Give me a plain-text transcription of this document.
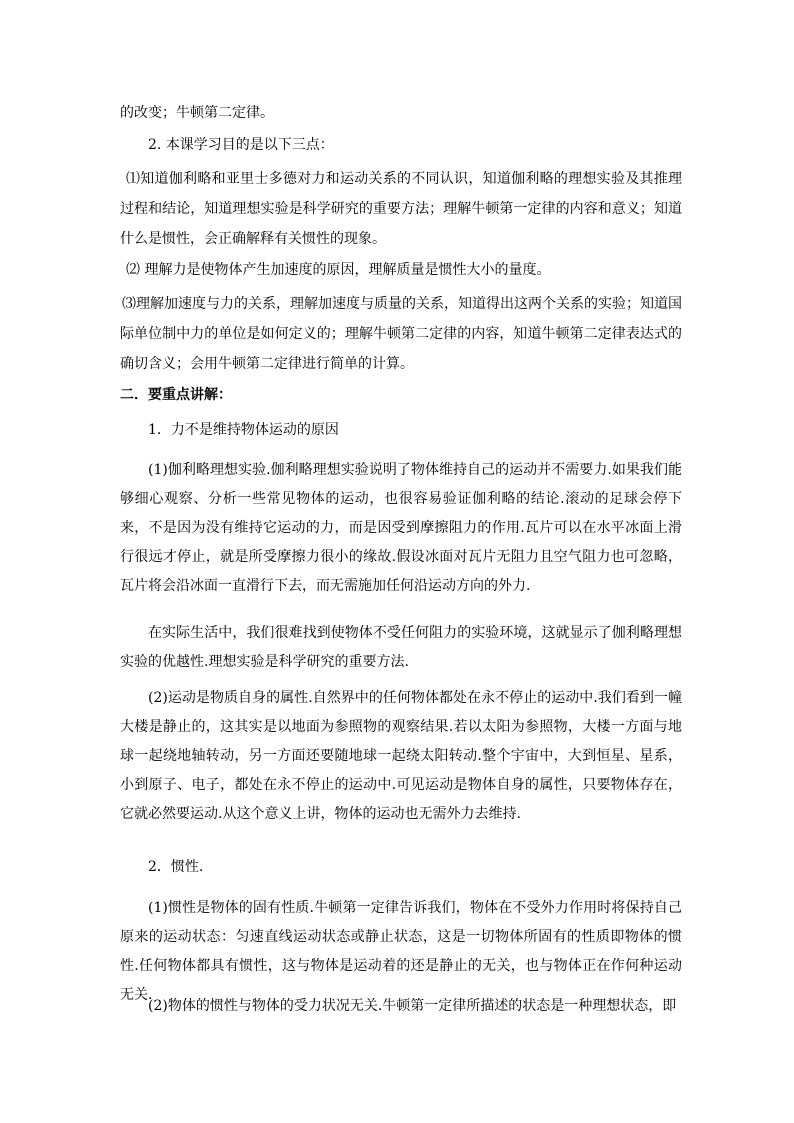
的改变；牛顿第二定律。

2. 本课学习目的是以下三点：

⑴知道伽利略和亚里士多德对力和运动关系的不同认识，知道伽利略的理想实验及其推理过程和结论，知道理想实验是科学研究的重要方法；理解牛顿第一定律的内容和意义；知道什么是惯性，会正确解释有关惯性的现象。

⑵ 理解力是使物体产生加速度的原因，理解质量是惯性大小的量度。

⑶理解加速度与力的关系，理解加速度与质量的关系，知道得出这两个关系的实验；知道国际单位制中力的单位是如何定义的；理解牛顿第二定律的内容，知道牛顿第二定律表达式的确切含义；会用牛顿第二定律进行简单的计算。

二．要重点讲解：

1．力不是维持物体运动的原因

(1)伽利略理想实验.伽利略理想实验说明了物体维持自己的运动并不需要力.如果我们能够细心观察、分析一些常见物体的运动，也很容易验证伽利略的结论.滚动的足球会停下来，不是因为没有维持它运动的力，而是因受到摩擦阻力的作用.瓦片可以在水平冰面上滑行很远才停止，就是所受摩擦力很小的缘故.假设冰面对瓦片无阻力且空气阻力也可忽略，瓦片将会沿冰面一直滑行下去，而无需施加任何沿运动方向的外力.

在实际生活中，我们很难找到使物体不受任何阻力的实验环境，这就显示了伽利略理想实验的优越性.理想实验是科学研究的重要方法.

(2)运动是物质自身的属性.自然界中的任何物体都处在永不停止的运动中.我们看到一幢大楼是静止的，这其实是以地面为参照物的观察结果.若以太阳为参照物，大楼一方面与地球一起绕地轴转动，另一方面还要随地球一起绕太阳转动.整个宇宙中，大到恒星、星系，小到原子、电子，都处在永不停止的运动中.可见运动是物体自身的属性，只要物体存在，它就必然要运动.从这个意义上讲，物体的运动也无需外力去维持.

2．惯性.

(1)惯性是物体的固有性质.牛顿第一定律告诉我们，物体在不受外力作用时将保持自己原来的运动状态：匀速直线运动状态或静止状态，这是一切物体所固有的性质即物体的惯性.任何物体都具有惯性，这与物体是运动着的还是静止的无关，也与物体正在作何种运动无关.

(2)物体的惯性与物体的受力状况无关.牛顿第一定律所描述的状态是一种理想状态，即
